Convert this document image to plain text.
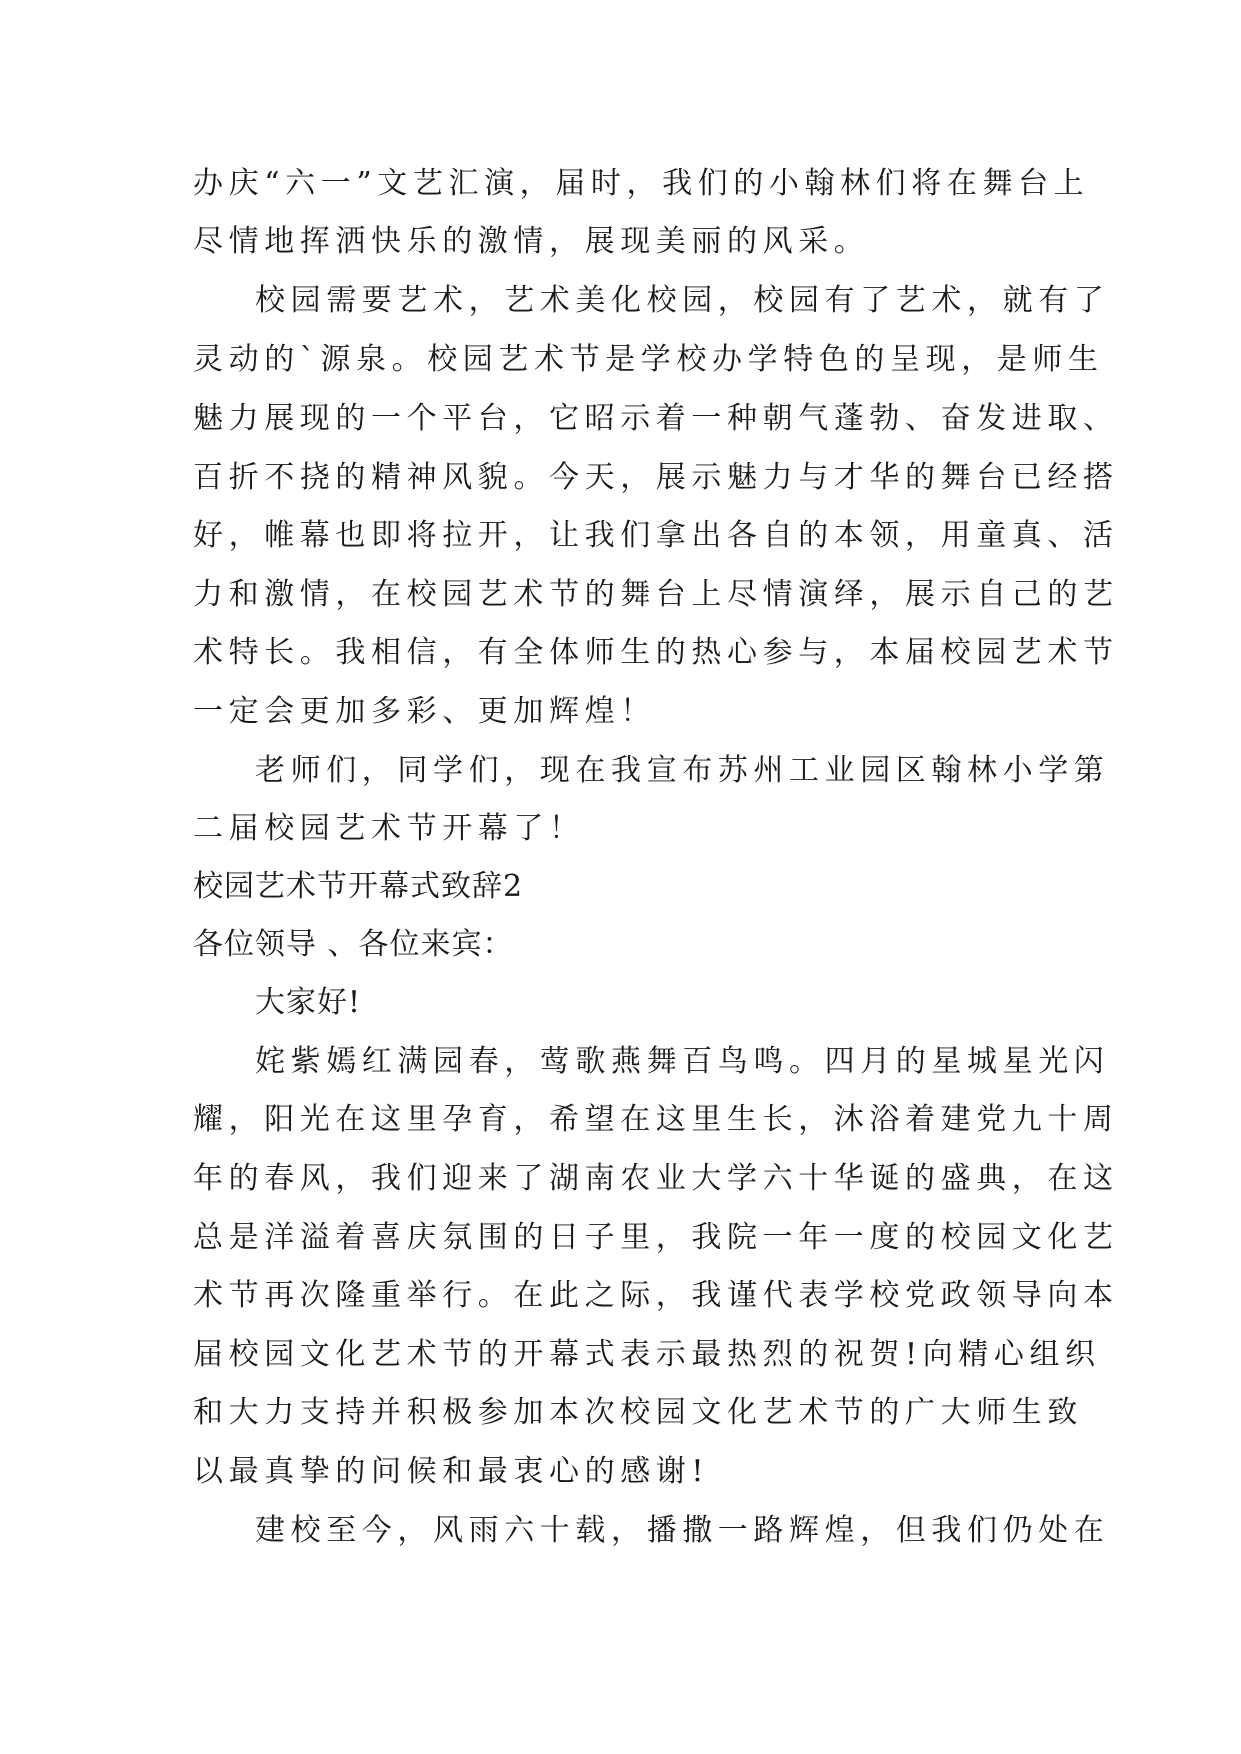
办庆“六一”文艺汇演，届时，我们的小翰林们将在舞台上
尽情地挥洒快乐的激情，展现美丽的风采。
校园需要艺术，艺术美化校园，校园有了艺术，就有了
灵动的`源泉。校园艺术节是学校办学特色的呈现，是师生
魅力展现的一个平台，它昭示着一种朝气蓬勃、奋发进取、
百折不挠的精神风貌。今天，展示魅力与才华的舞台已经搭
好，帷幕也即将拉开，让我们拿出各自的本领，用童真、活
力和激情，在校园艺术节的舞台上尽情演绎，展示自己的艺
术特长。我相信，有全体师生的热心参与，本届校园艺术节
一定会更加多彩、更加辉煌！
老师们，同学们，现在我宣布苏州工业园区翰林小学第
二届校园艺术节开幕了！
校园艺术节开幕式致辞2
各位领导 、各位来宾：
大家好!
姹紫嫣红满园春，莺歌燕舞百鸟鸣。四月的星城星光闪
耀，阳光在这里孕育，希望在这里生长，沐浴着建党九十周
年的春风，我们迎来了湖南农业大学六十华诞的盛典，在这
总是洋溢着喜庆氛围的日子里，我院一年一度的校园文化艺
术节再次隆重举行。在此之际，我谨代表学校党政领导向本
届校园文化艺术节的开幕式表示最热烈的祝贺!向精心组织
和大力支持并积极参加本次校园文化艺术节的广大师生致
以最真挚的问候和最衷心的感谢!
建校至今，风雨六十载，播撒一路辉煌，但我们仍处在
